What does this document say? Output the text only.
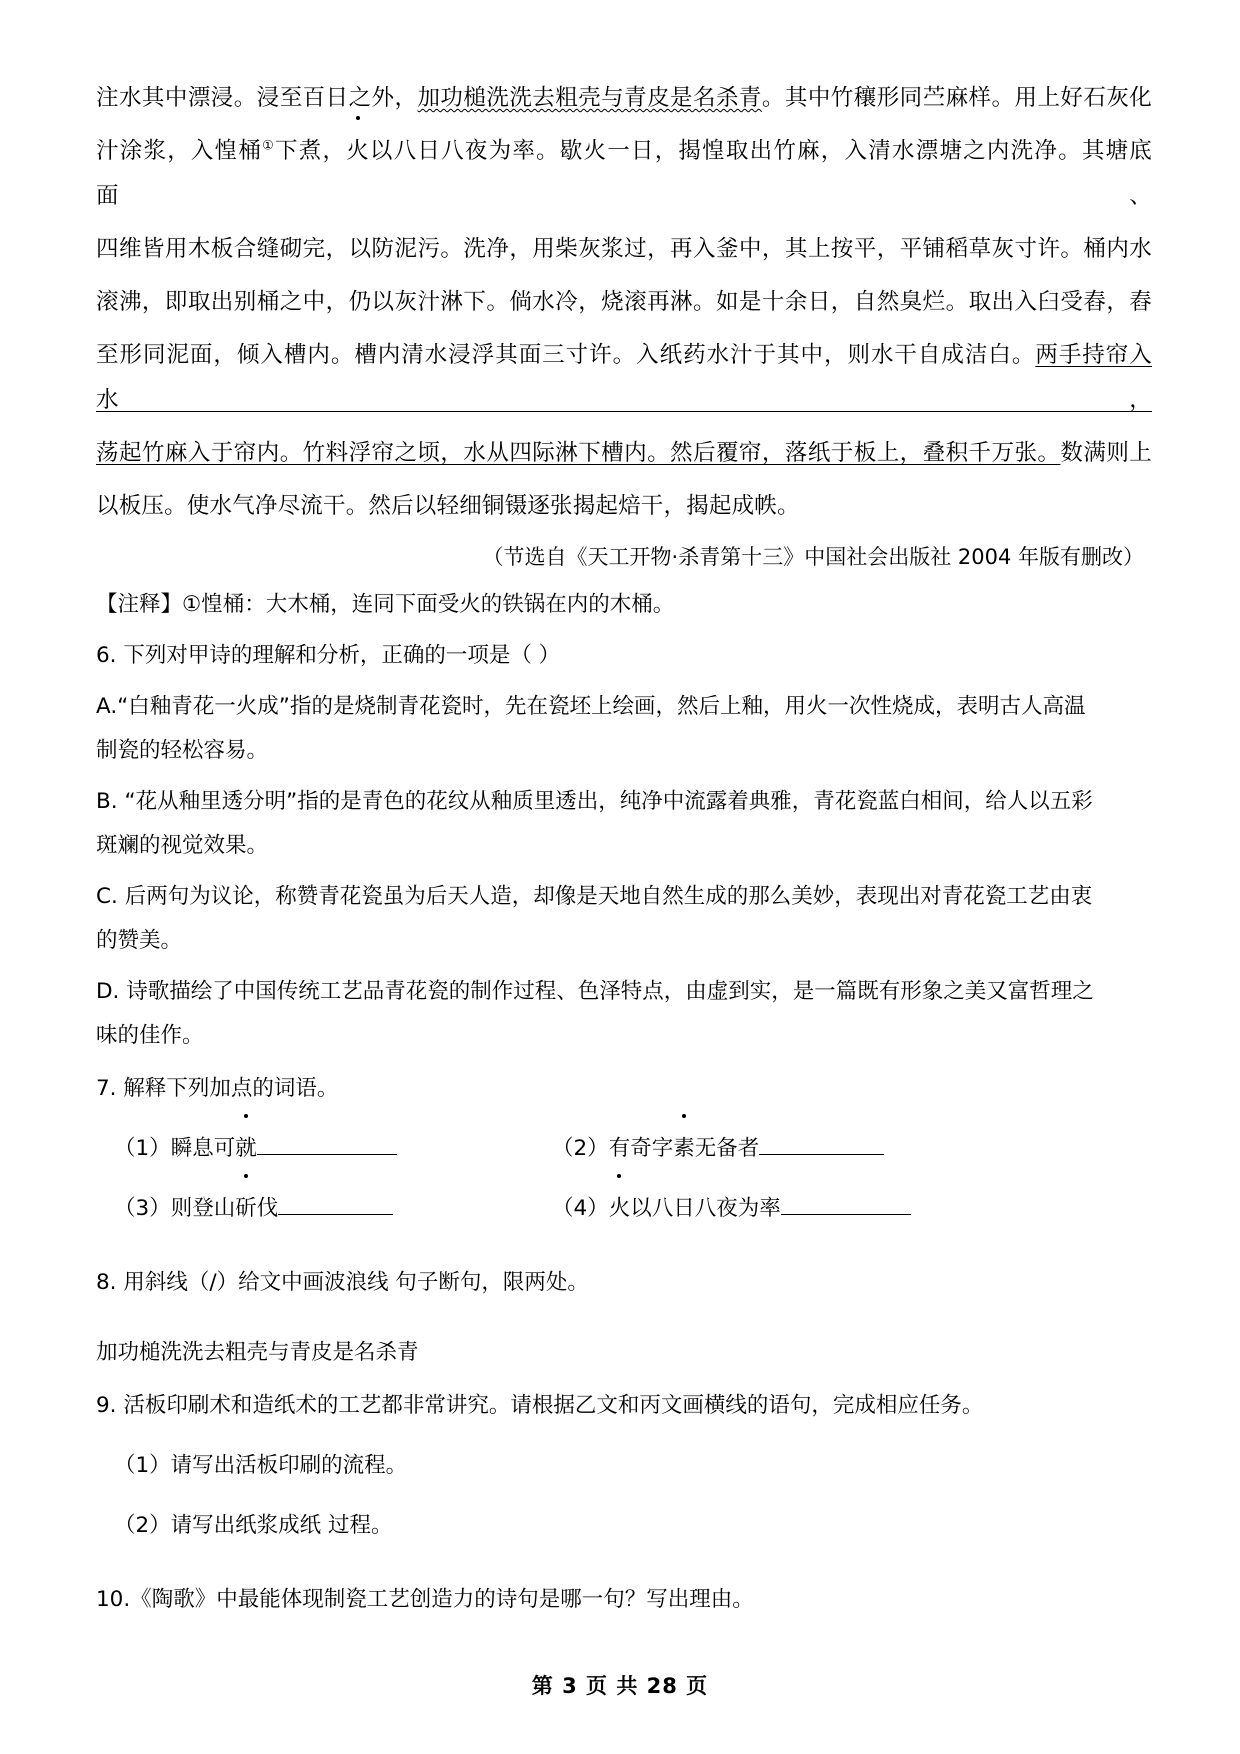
注水其中漂浸。浸至百日之外，加功槌洗洗去粗壳与青皮是名杀青。其中竹穰形同苎麻样。用上好石灰化
汁涂浆，入惶桶①下煮，火以八日八夜为率。歇火一日，揭惶取出竹麻，入清水漂塘之内洗净。其塘底面、
四维皆用木板合缝砌完，以防泥污。洗净，用柴灰浆过，再入釜中，其上按平，平铺稻草灰寸许。桶内水
滚沸，即取出别桶之中，仍以灰汁淋下。倘水冷，烧滚再淋。如是十余日，自然臭烂。取出入臼受舂，舂
至形同泥面，倾入槽内。槽内清水浸浮其面三寸许。入纸药水汁于其中，则水干自成洁白。两手持帘入水，
荡起竹麻入于帘内。竹料浮帘之顷，水从四际淋下槽内。然后覆帘，落纸于板上，叠积千万张。数满则上
以板压。使水气净尽流干。然后以轻细铜镊逐张揭起焙干，揭起成帙。
（节选自《天工开物·杀青第十三》中国社会出版社 2004 年版有删改）
【注释】①惶桶：大木桶，连同下面受火的铁锅在内的木桶。
6. 下列对甲诗的理解和分析，正确的一项是（ ）
A.“白釉青花一火成”指的是烧制青花瓷时，先在瓷坯上绘画，然后上釉，用火一次性烧成，表明古人高温
制瓷的轻松容易。
B. “花从釉里透分明”指的是青色的花纹从釉质里透出，纯净中流露着典雅，青花瓷蓝白相间，给人以五彩
斑斓的视觉效果。
C. 后两句为议论，称赞青花瓷虽为后天人造，却像是天地自然生成的那么美妙，表现出对青花瓷工艺由衷
的赞美。
D. 诗歌描绘了中国传统工艺品青花瓷的制作过程、色泽特点，由虚到实，是一篇既有形象之美又富哲理之
味的佳作。
7. 解释下列加点的词语。
（1）瞬息可就	（2）有奇字素无备者
（3）则登山斫伐	（4）火以八日八夜为率
8. 用斜线（/）给文中画波浪线 句子断句，限两处。
加功槌洗洗去粗壳与青皮是名杀青
9. 活板印刷术和造纸术的工艺都非常讲究。请根据乙文和丙文画横线的语句，完成相应任务。
（1）请写出活板印刷的流程。
（2）请写出纸浆成纸 过程。
10.《陶歌》中最能体现制瓷工艺创造力的诗句是哪一句？写出理由。
第 3 页 共 28 页
